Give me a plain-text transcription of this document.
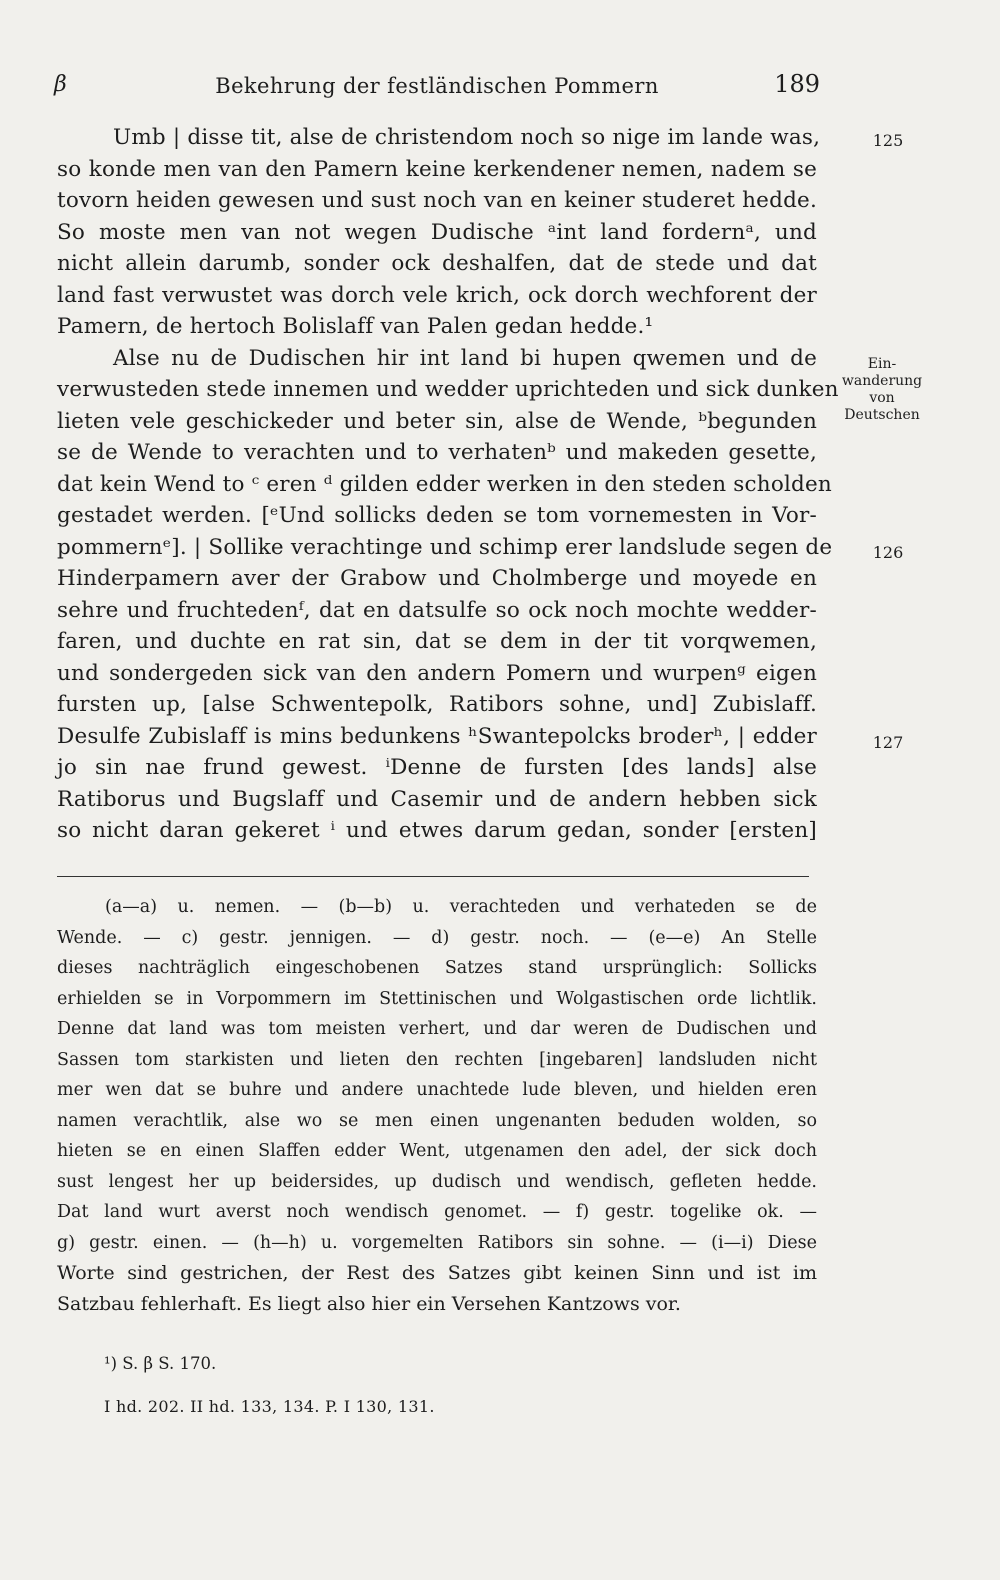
β	Bekehrung der festländischen Pommern	189
Umb | disse tit, alse de christendom noch so nige im lande was,
so konde men van den Pamern keine kerkendener nemen, nadem se
tovorn heiden gewesen und sust noch van en keiner studeret hedde.
So moste men van not wegen Dudische ᵃint land fordernᵃ, und
nicht allein darumb, sonder ock deshalfen, dat de stede und dat
land fast verwustet was dorch vele krich, ock dorch wechforent der
Pamern, de hertoch Bolislaff van Palen gedan hedde.¹
Alse nu de Dudischen hir int land bi hupen qwemen und de
verwusteden stede innemen und wedder uprichteden und sick dunken
lieten vele geschickeder und beter sin, alse de Wende, ᵇbegunden
se de Wende to verachten und to verhatenᵇ und makeden gesette,
dat kein Wend to ᶜ eren ᵈ gilden edder werken in den steden scholden
gestadet werden. [ᵉUnd sollicks deden se tom vornemesten in Vor-
pommernᵉ]. | Sollike verachtinge und schimp erer landslude segen de
Hinderpamern aver der Grabow und Cholmberge und moyede en
sehre und fruchtedenᶠ, dat en datsulfe so ock noch mochte wedder-
faren, und duchte en rat sin, dat se dem in der tit vorqwemen,
und sondergeden sick van den andern Pomern und wurpenᵍ eigen
fursten up, [alse Schwentepolk, Ratibors sohne, und] Zubislaff.
Desulfe Zubislaff is mins bedunkens ʰSwantepolcks broderʰ, | edder
jo sin nae frund gewest. ⁱDenne de fursten [des lands] alse
Ratiborus und Bugslaff und Casemir und de andern hebben sick
so nicht daran gekeret ⁱ und etwes darum gedan, sonder [ersten]
125
126
127
Ein-
wanderung
von
Deutschen
(a—a) u. nemen. — (b—b) u. verachteden und verhateden se de
Wende. — c) gestr. jennigen. — d) gestr. noch. — (e—e) An Stelle
dieses nachträglich eingeschobenen Satzes stand ursprünglich: Sollicks
erhielden se in Vorpommern im Stettinischen und Wolgastischen orde lichtlik.
Denne dat land was tom meisten verhert, und dar weren de Dudischen und
Sassen tom starkisten und lieten den rechten [ingebaren] landsluden nicht
mer wen dat se buhre und andere unachtede lude bleven, und hielden eren
namen verachtlik, alse wo se men einen ungenanten beduden wolden, so
hieten se en einen Slaffen edder Went, utgenamen den adel, der sick doch
sust lengest her up beidersides, up dudisch und wendisch, gefleten hedde.
Dat land wurt averst noch wendisch genomet. — f) gestr. togelike ok. —
g) gestr. einen. — (h—h) u. vorgemelten Ratibors sin sohne. — (i—i) Diese
Worte sind gestrichen, der Rest des Satzes gibt keinen Sinn und ist im
Satzbau fehlerhaft. Es liegt also hier ein Versehen Kantzows vor.
¹) S. β S. 170.
I hd. 202. II hd. 133, 134. P. I 130, 131.
